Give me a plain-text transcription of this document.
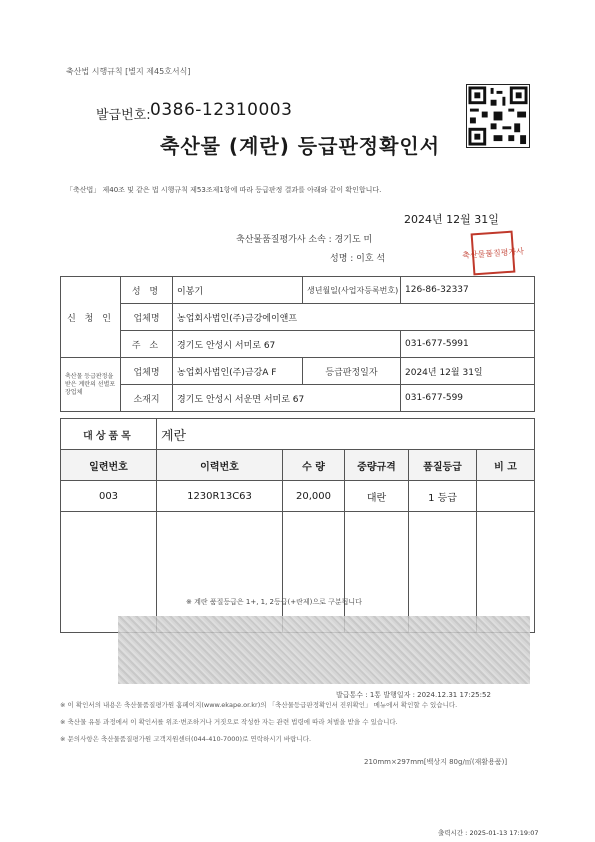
축산법 시행규칙 [별지 제45호서식]
발급번호: 0386-12310003
축산물 (계란) 등급판정확인서
「축산법」 제40조 및 같은 법 시행규칙 제53조제1항에 따라 등급판정 결과를 아래와 같이 확인합니다.
2024년 12월 31일
축산물품질평가사 소속 : 경기도 미
성명 : 이호 석	축산물품질평가사
신 청 인	성 명	이봉기	생년월일(사업자등록번호)	126-86-32337
	업체명	농업회사법인(주)금강에이앤프		
	주 소	경기도 안성시 서미로 67		031-677-5991
축산물 등급판정을 받은 계란의 선별포장업체	업체명	농업회사법인(주)금강A F	등급판정일자	2024년 12월 31일
	소재지	경기도 안성시 서운면 서미로 67		031-677-599
대상품목	계란				
일련번호	이력번호	수 량	중량규격	품질등급	비 고
003	1230R13C63	20,000	대란	1 등급	

※ 계란 품질등급은 1+, 1, 2등급(+란제)으로 구분됩니다
발급통수 : 1통 발행일자 : 2024.12.31 17:25:52
※ 이 확인서의 내용은 축산물품질평가원 홈페이지(www.ekape.or.kr)의 「축산물등급판정확인서 진위확인」 메뉴에서 확인할 수 있습니다.
※ 축산물 유통 과정에서 이 확인서를 위조·변조하거나 거짓으로 작성한 자는 관련 법령에 따라 처벌을 받을 수 있습니다.
※ 문의사항은 축산물품질평가원 고객지원센터(044-410-7000)로 연락하시기 바랍니다.
210mm×297mm[백상지 80g/㎡(재활용품)]
출력시간 : 2025-01-13 17:19:07
